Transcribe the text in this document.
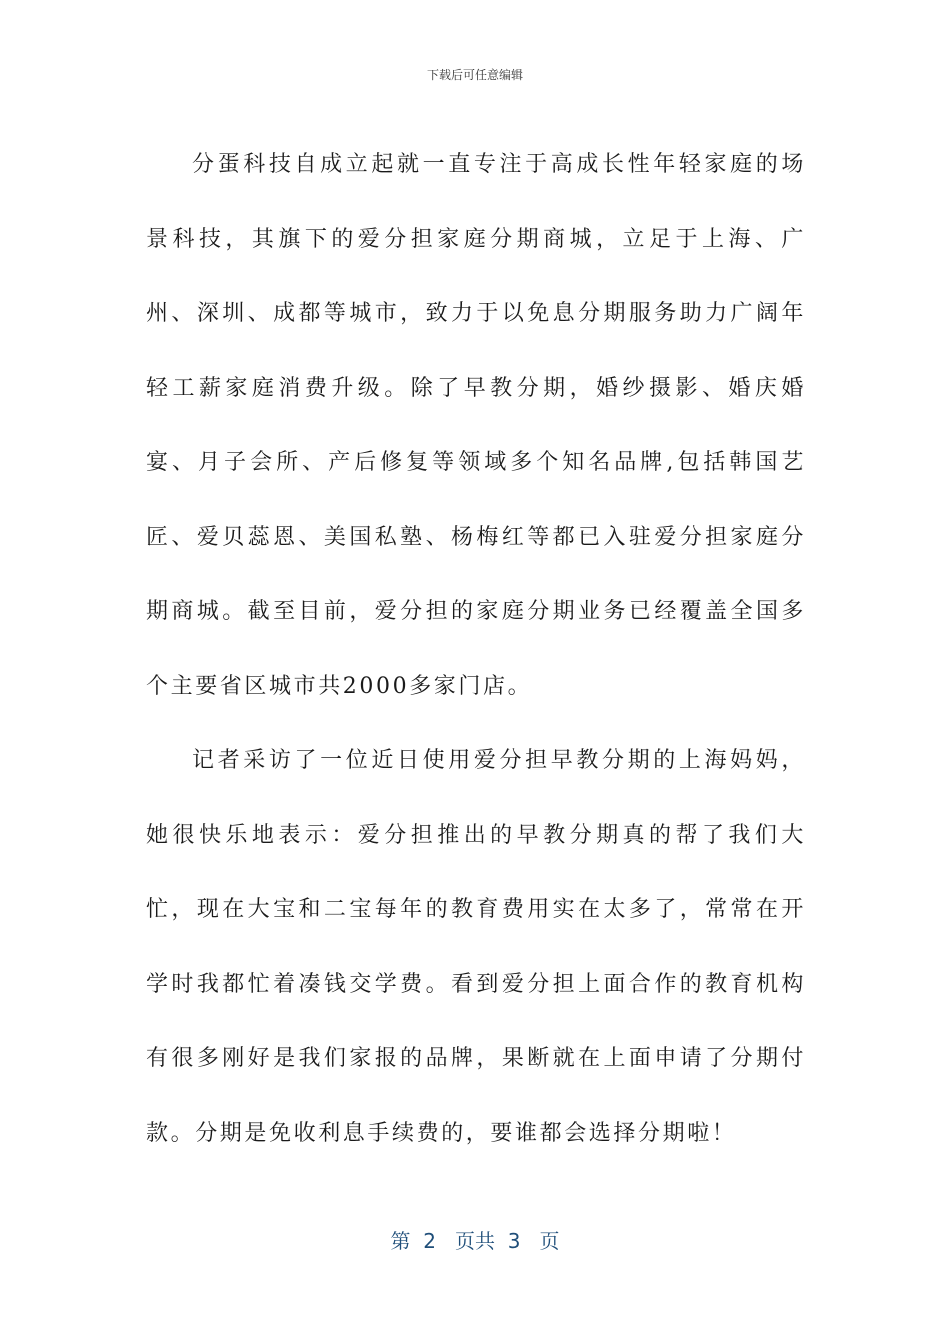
下载后可任意编辑

分蛋科技自成立起就一直专注于高成长性年轻家庭的场景科技，其旗下的爱分担家庭分期商城，立足于上海、广州、深圳、成都等城市，致力于以免息分期服务助力广阔年轻工薪家庭消费升级。除了早教分期，婚纱摄影、婚庆婚宴、月子会所、产后修复等领域多个知名品牌,包括韩国艺匠、爱贝蕊恩、美国私塾、杨梅红等都已入驻爱分担家庭分期商城。截至目前，爱分担的家庭分期业务已经覆盖全国多个主要省区城市共2000多家门店。

记者采访了一位近日使用爱分担早教分期的上海妈妈，她很快乐地表示：爱分担推出的早教分期真的帮了我们大忙，现在大宝和二宝每年的教育费用实在太多了，常常在开学时我都忙着凑钱交学费。看到爱分担上面合作的教育机构有很多刚好是我们家报的品牌，果断就在上面申请了分期付款。分期是免收利息手续费的，要谁都会选择分期啦！

第  2   页共  3   页
